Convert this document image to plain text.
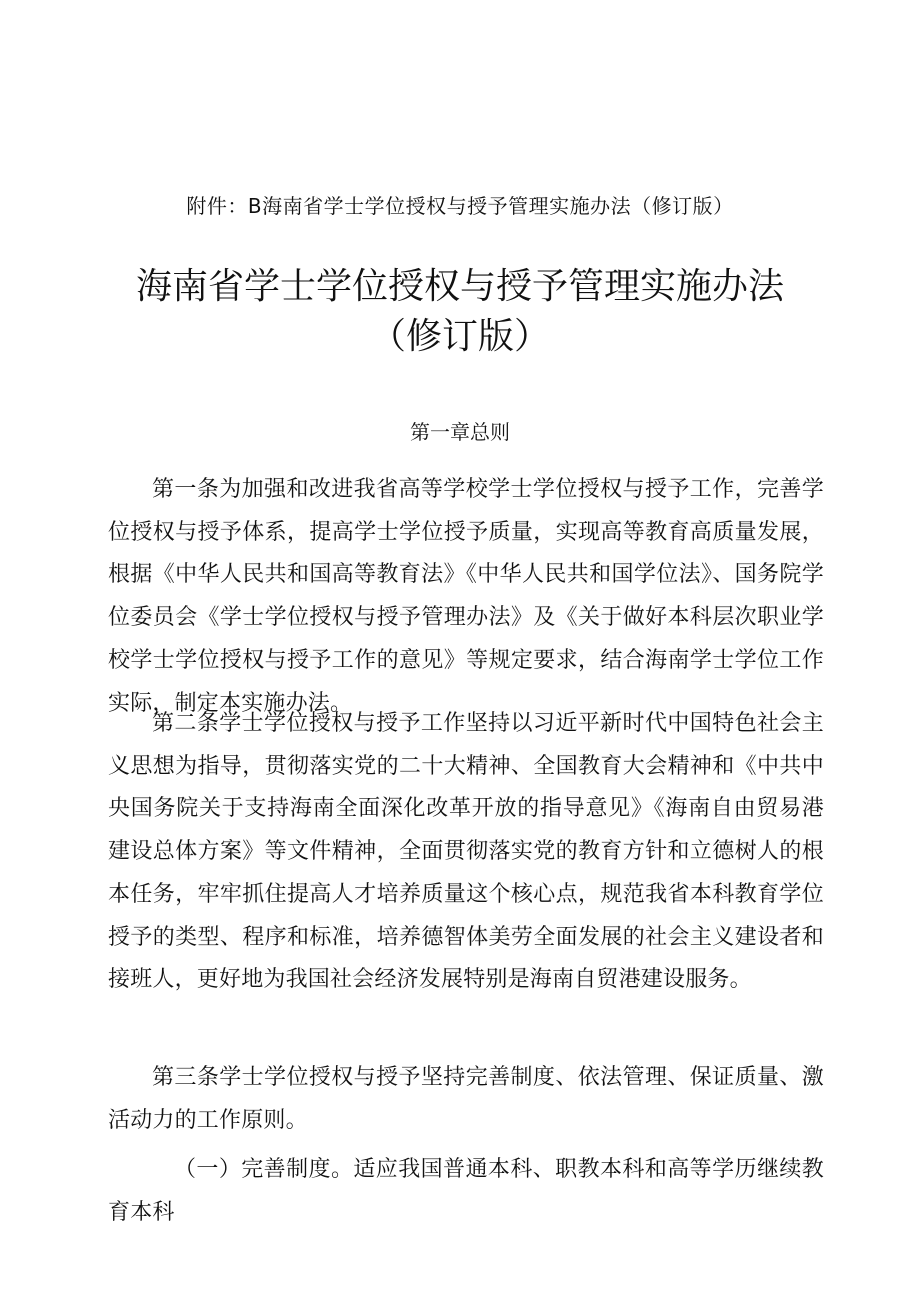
附件：B海南省学士学位授权与授予管理实施办法（修订版）
海南省学士学位授权与授予管理实施办法
（修订版）
第一章总则

第一条为加强和改进我省高等学校学士学位授权与授予工作，完善学位授权与授予体系，提高学士学位授予质量，实现高等教育高质量发展，根据《中华人民共和国高等教育法》《中华人民共和国学位法》、国务院学位委员会《学士学位授权与授予管理办法》及《关于做好本科层次职业学校学士学位授权与授予工作的意见》等规定要求，结合海南学士学位工作实际，制定本实施办法。

第二条学士学位授权与授予工作坚持以习近平新时代中国特色社会主义思想为指导，贯彻落实党的二十大精神、全国教育大会精神和《中共中央国务院关于支持海南全面深化改革开放的指导意见》《海南自由贸易港建设总体方案》等文件精神，全面贯彻落实党的教育方针和立德树人的根本任务，牢牢抓住提高人才培养质量这个核心点，规范我省本科教育学位授予的类型、程序和标准，培养德智体美劳全面发展的社会主义建设者和接班人，更好地为我国社会经济发展特别是海南自贸港建设服务。

第三条学士学位授权与授予坚持完善制度、依法管理、保证质量、激活动力的工作原则。

（一）完善制度。适应我国普通本科、职教本科和高等学历继续教育本科
